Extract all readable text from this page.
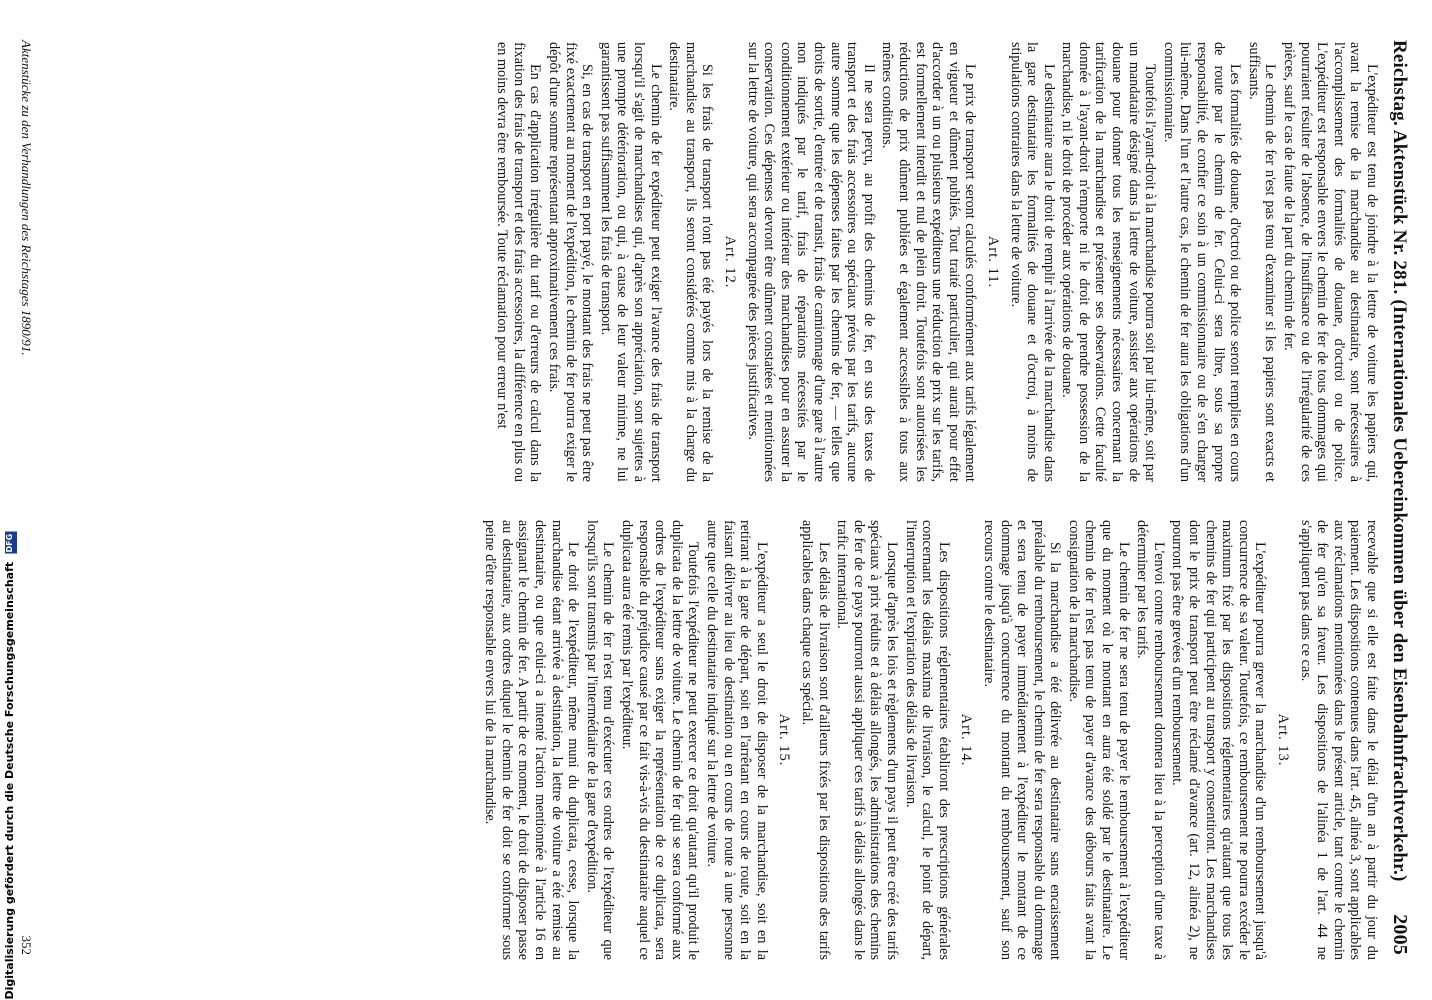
Reichstag. Aktenstück Nr. 281. (Internationales Uebereinkommen über den Eisenbahnfrachtverkehr.)
2005

L'expéditeur est tenu de joindre à la lettre de voiture les papiers qui, avant la remise de la marchandise au destinataire, sont nécessaires à l'accomplissement des formalités de douane, d'octroi ou de police. L'expéditeur est responsable envers le chemin de fer de tous dommages qui pourraient résulter de l'absence, de l'insuffisance ou de l'irrégularité de ces pièces, sauf le cas de faute de la part du chemin de fer.

Le chemin de fer n'est pas tenu d'examiner si les papiers sont exacts et suffisants.

Les formalités de douane, d'octroi ou de police seront remplies en cours de route par le chemin de fer. Celui-ci sera libre, sous sa propre responsabilité, de confier ce soin à un commissionnaire ou de s'en charger lui-même. Dans l'un et l'autre cas, le chemin de fer aura les obligations d'un commissionnaire.

Toutefois l'ayant-droit à la marchandise pourra soit par lui-même, soit par un mandataire désigné dans la lettre de voiture, assister aux opérations de douane pour donner tous les renseignements nécessaires concernant la tarification de la marchandise et présenter ses observations. Cette faculté donnée à l'ayant-droit n'emporte ni le droit de prendre possession de la marchandise, ni le droit de procéder aux opérations de douane.

Le destinataire aura le droit de remplir à l'arrivée de la marchandise dans la gare destinataire les formalités de douane et d'octroi, à moins de stipulations contraires dans la lettre de voiture.

Art. 11.

Le prix de transport seront calculés conformément aux tarifs légalement en vigueur et dûment publiés. Tout traité particulier, qui aurait pour effet d'accorder à un ou plusieurs expéditeurs une réduction de prix sur les tarifs, est formellement interdit et nul de plein droit. Toutefois sont autorisées les réductions de prix dûment publiées et également accessibles à tous aux mêmes conditions.

Il ne sera perçu, au profit des chemins de fer, en sus des taxes de transport et des frais accessoires ou spéciaux prévus par les tarifs, aucune autre somme que les dépenses faites par les chemins de fer, — telles que droits de sortie, d'entrée et de transit, frais de camionnage d'une gare à l'autre non indiqués par le tarif, frais de réparations nécessités par le conditionnement extérieur ou intérieur des marchandises pour en assurer la conservation. Ces dépenses devront être dûment constatées et mentionnées sur la lettre de voiture, qui sera accompagnée des pièces justificatives.

Art. 12.

Si les frais de transport n'ont pas été payés lors de la remise de la marchandise au transport, ils seront considérés comme mis à la charge du destinataire.

Le chemin de fer expéditeur peut exiger l'avance des frais de transport lorsqu'il s'agit de marchandises qui, d'après son appréciation, sont sujettes à une prompte détérioration, ou qui, à cause de leur valeur minime, ne lui garantissent pas suffisamment les frais de transport.

Si, en cas de transport en port payé, le montant des frais ne peut pas être fixé exactement au moment de l'expédition, le chemin de fer pourra exiger le dépôt d'une somme représentant approximativement ces frais.

En cas d'application irrégulière du tarif ou d'erreurs de calcul dans la fixation des frais de transport et des frais accessoires, la différence en plus ou en moins devra être remboursée. Toute réclamation pour erreur n'est

recevable que si elle est faite dans le délai d'un an à partir du jour du paiement. Les dispositions contenues dans l'art. 45, alinéa 3, sont applicables aux réclamations mentionnées dans le présent article, tant contre le chemin de fer qu'en sa faveur. Les dispositions de l'alinéa 1 de l'art. 44 ne s'appliquent pas dans ce cas.

Art. 13.

L'expéditeur pourra grever la marchandise d'un remboursement jusqu'à concurrence de sa valeur. Toutefois, ce remboursement ne pourra excéder le maximum fixé par les dispositions réglementaires qu'autant que tous les chemins de fer qui participent au transport y consentiront. Les marchandises dont le prix de transport peut être réclamé d'avance (art. 12, alinéa 2), ne pourront pas être grevées d'un remboursement.

L'envoi contre remboursement donnera lieu à la perception d'une taxe à déterminer par les tarifs.

Le chemin de fer ne sera tenu de payer le remboursement à l'expéditeur que du moment où le montant en aura été soldé par le destinataire. Le chemin de fer n'est pas tenu de payer d'avance des débours faits avant la consignation de la marchandise.

Si la marchandise a été délivrée au destinataire sans encaissement préalable du remboursement, le chemin de fer sera responsable du dommage et sera tenu de payer immédiatement à l'expéditeur le montant de ce dommage jusqu'à concurrence du montant du remboursement, sauf son recours contre le destinataire.

Art. 14.

Les dispositions réglementaires établiront des prescriptions générales concernant les délais maxima de livraison, le calcul, le point de départ, l'interruption et l'expiration des délais de livraison.

Lorsque d'après les lois et règlements d'un pays il peut être créé des tarifs spéciaux à prix réduits et à délais allongés, les administrations des chemins de fer de ce pays pourront aussi appliquer ces tarifs à délais allongés dans le trafic international.

Les délais de livraison sont d'ailleurs fixés par les dispositions des tarifs applicables dans chaque cas spécial.

Art. 15.

L'expéditeur a seul le droit de disposer de la marchandise, soit en la retirant à la gare de départ, soit en l'arrêtant en cours de route, soit en la faisant délivrer au lieu de destination ou en cours de route à une personne autre que celle du destinataire indiqué sur la lettre de voiture.

Toutefois l'expéditeur ne peut exercer ce droit qu'autant qu'il produit le duplicata de la lettre de voiture. Le chemin de fer qui se sera conformé aux ordres de l'expéditeur sans exiger la représentation de ce duplicata, sera responsable du préjudice causé par ce fait vis-à-vis du destinataire auquel ce duplicata aura été remis par l'expéditeur.

Le chemin de fer n'est tenu d'exécuter ces ordres de l'expéditeur que lorsqu'ils sont transmis par l'intermédiaire de la gare d'expédition.

Le droit de l'expéditeur, même muni du duplicata, cesse, lorsque la marchandise étant arrivée à destination, la lettre de voiture a été remise au destinataire, ou que celui-ci a intenté l'action mentionnée à l'article 16 en assignant le chemin de fer. A partir de ce moment, le droit de disposer passe au destinataire, aux ordres duquel le chemin de fer doit se conformer sous peine d'être responsable envers lui de la marchandise.

Aktenstücke zu den Verhandlungen des Reichstages 1890/91.
352
Digitalisierung gefördert durch die Deutsche Forschungsgemeinschaft DFG
